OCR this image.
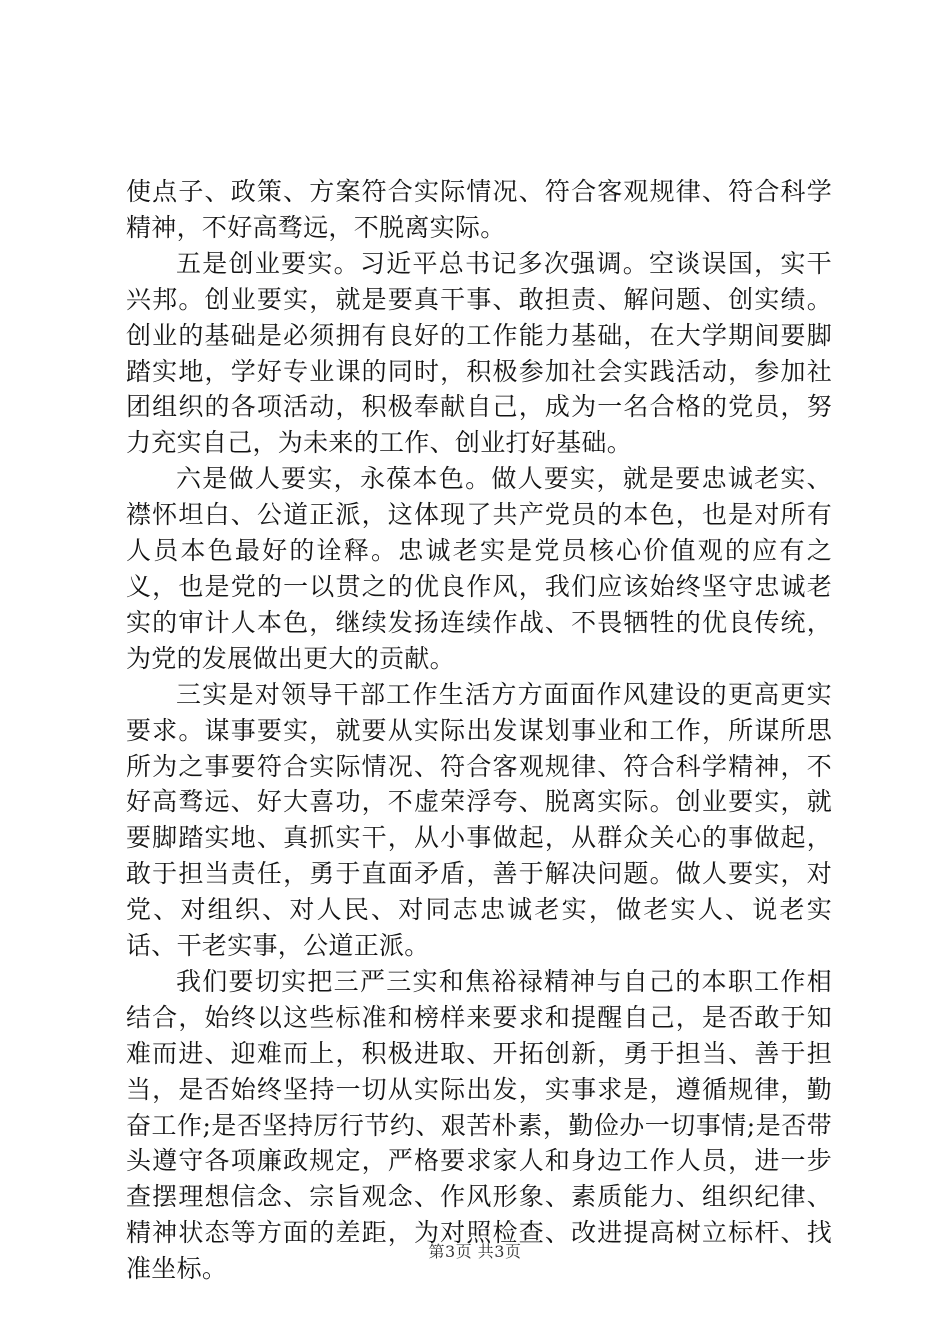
使点子、政策、方案符合实际情况、符合客观规律、符合科学精神，不好高骛远，不脱离实际。

五是创业要实。习近平总书记多次强调。空谈误国，实干兴邦。创业要实，就是要真干事、敢担责、解问题、创实绩。创业的基础是必须拥有良好的工作能力基础，在大学期间要脚踏实地，学好专业课的同时，积极参加社会实践活动，参加社团组织的各项活动，积极奉献自己，成为一名合格的党员，努力充实自己，为未来的工作、创业打好基础。

六是做人要实，永葆本色。做人要实，就是要忠诚老实、襟怀坦白、公道正派，这体现了共产党员的本色，也是对所有人员本色最好的诠释。忠诚老实是党员核心价值观的应有之义，也是党的一以贯之的优良作风，我们应该始终坚守忠诚老实的审计人本色，继续发扬连续作战、不畏牺牲的优良传统，为党的发展做出更大的贡献。

三实是对领导干部工作生活方方面面作风建设的更高更实要求。谋事要实，就要从实际出发谋划事业和工作，所谋所思所为之事要符合实际情况、符合客观规律、符合科学精神，不好高骛远、好大喜功，不虚荣浮夸、脱离实际。创业要实，就要脚踏实地、真抓实干，从小事做起，从群众关心的事做起，敢于担当责任，勇于直面矛盾，善于解决问题。做人要实，对党、对组织、对人民、对同志忠诚老实，做老实人、说老实话、干老实事，公道正派。

我们要切实把三严三实和焦裕禄精神与自己的本职工作相结合，始终以这些标准和榜样来要求和提醒自己，是否敢于知难而进、迎难而上，积极进取、开拓创新，勇于担当、善于担当，是否始终坚持一切从实际出发，实事求是，遵循规律，勤奋工作;是否坚持厉行节约、艰苦朴素，勤俭办一切事情;是否带头遵守各项廉政规定，严格要求家人和身边工作人员，进一步查摆理想信念、宗旨观念、作风形象、素质能力、组织纪律、精神状态等方面的差距，为对照检查、改进提高树立标杆、找准坐标。

第3页 共3页
